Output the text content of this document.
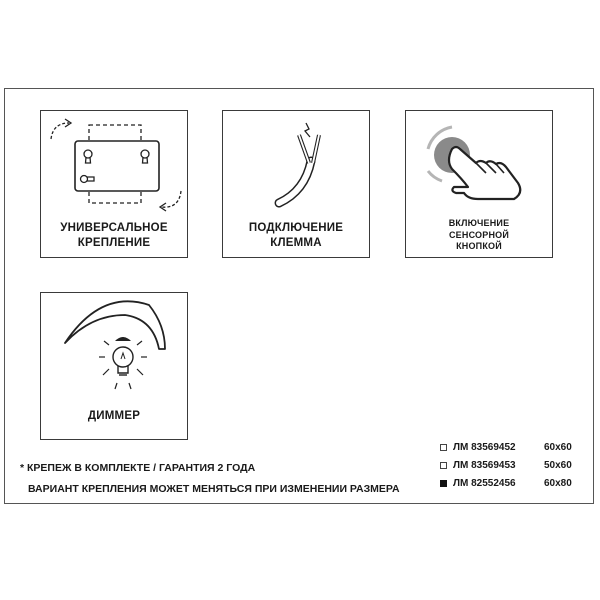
УНИВЕРСАЛЬНОЕ
КРЕПЛЕНИЕ
ПОДКЛЮЧЕНИЕ
КЛЕММА
ВКЛЮЧЕНИЕ
СЕНСОРНОЙ
КНОПКОЙ
ДИММЕР
* КРЕПЕЖ В КОМПЛЕКТЕ / ГАРАНТИЯ 2 ГОДА
ВАРИАНТ КРЕПЛЕНИЯ МОЖЕТ МЕНЯТЬСЯ ПРИ ИЗМЕНЕНИИ РАЗМЕРА
ЛМ 83569452	60x60
ЛМ 83569453	50x60
ЛМ 82552456	60x80
